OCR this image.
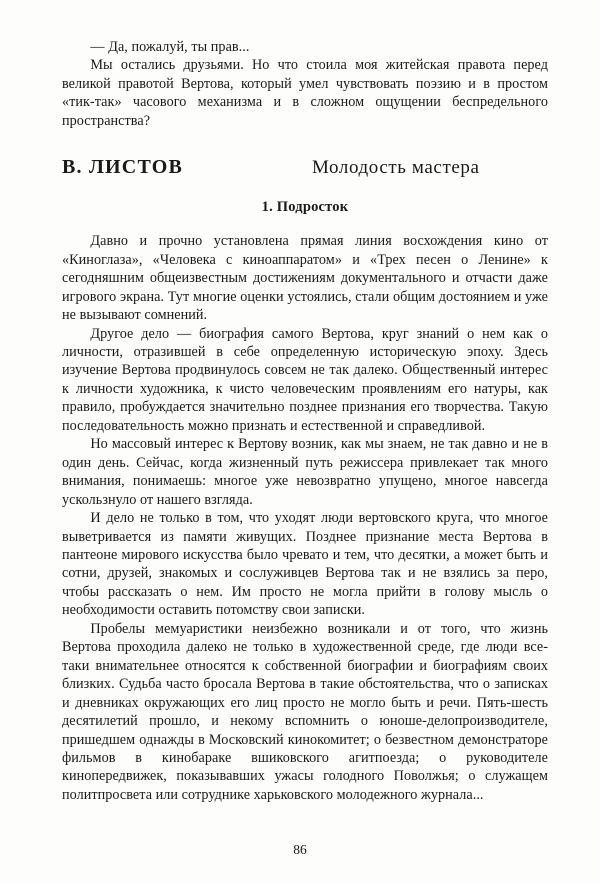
— Да, пожалуй, ты прав...

Мы остались друзьями. Но что стоила моя житейская правота перед великой правотой Вертова, который умел чувствовать поэзию и в простом «тик-так» часового механизма и в сложном ощущении беспредельного пространства?

В. ЛИСТОВ	Молодость мастера
1. Подросток

Давно и прочно установлена прямая линия восхождения кино от «Киноглаза», «Человека с киноаппаратом» и «Трех песен о Ленине» к сегодняшним общеизвестным достижениям документального и отчасти даже игрового экрана. Тут многие оценки устоялись, стали общим достоянием и уже не вызывают сомнений.

Другое дело — биография самого Вертова, круг знаний о нем как о личности, отразившей в себе определенную историческую эпоху. Здесь изучение Вертова продвинулось совсем не так далеко. Общественный интерес к личности художника, к чисто человеческим проявлениям его натуры, как правило, пробуждается значительно позднее признания его творчества. Такую последовательность можно признать и естественной и справедливой.

Но массовый интерес к Вертову возник, как мы знаем, не так давно и не в один день. Сейчас, когда жизненный путь режиссера привлекает так много внимания, понимаешь: многое уже невозвратно упущено, многое навсегда ускользнуло от нашего взгляда.

И дело не только в том, что уходят люди вертовского круга, что многое выветривается из памяти живущих. Позднее признание места Вертова в пантеоне мирового искусства было чревато и тем, что десятки, а может быть и сотни, друзей, знакомых и сослуживцев Вертова так и не взялись за перо, чтобы рассказать о нем. Им просто не могла прийти в голову мысль о необходимости оставить потомству свои записки.

Пробелы мемуаристики неизбежно возникали и от того, что жизнь Вертова проходила далеко не только в художественной среде, где люди все-таки внимательнее относятся к собственной биографии и биографиям своих близких. Судьба часто бросала Вертова в такие обстоятельства, что о записках и дневниках окружающих его лиц просто не могло быть и речи. Пять-шесть десятилетий прошло, и некому вспомнить о юноше-делопроизводителе, пришедшем однажды в Московский кинокомитет; о безвестном демонстраторе фильмов в кинобараке вшиковского агитпоезда; о руководителе кинопередвижек, показывавших ужасы голодного Поволжья; о служащем политпросвета или сотруднике харьковского молодежного журнала...

86
